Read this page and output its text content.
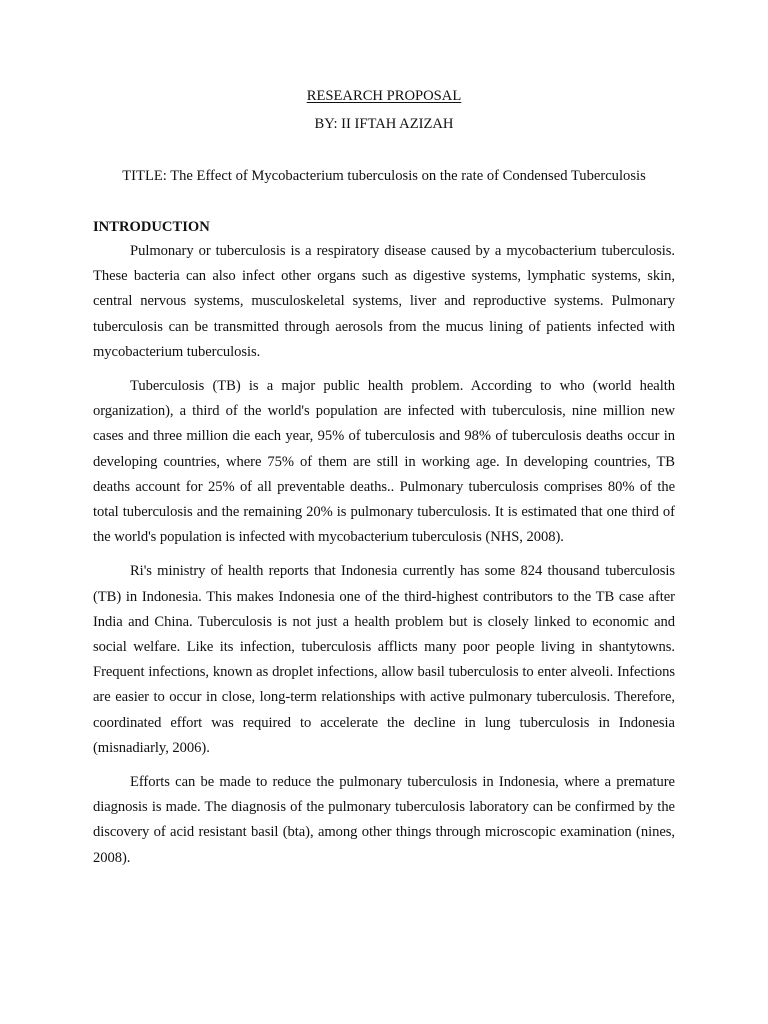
RESEARCH PROPOSAL

BY: II IFTAH AZIZAH

TITLE: The Effect of Mycobacterium tuberculosis on the rate of Condensed Tuberculosis

INTRODUCTION

Pulmonary or tuberculosis is a respiratory disease caused by a mycobacterium tuberculosis. These bacteria can also infect other organs such as digestive systems, lymphatic systems, skin, central nervous systems, musculoskeletal systems, liver and reproductive systems. Pulmonary tuberculosis can be transmitted through aerosols from the mucus lining of patients infected with mycobacterium tuberculosis.

Tuberculosis (TB) is a major public health problem. According to who (world health organization), a third of the world's population are infected with tuberculosis, nine million new cases and three million die each year, 95% of tuberculosis and 98% of tuberculosis deaths occur in developing countries, where 75% of them are still in working age. In developing countries, TB deaths account for 25% of all preventable deaths.. Pulmonary tuberculosis comprises 80% of the total tuberculosis and the remaining 20% is pulmonary tuberculosis. It is estimated that one third of the world's population is infected with mycobacterium tuberculosis (NHS, 2008).

Ri's ministry of health reports that Indonesia currently has some 824 thousand tuberculosis (TB) in Indonesia. This makes Indonesia one of the third-highest contributors to the TB case after India and China. Tuberculosis is not just a health problem but is closely linked to economic and social welfare. Like its infection, tuberculosis afflicts many poor people living in shantytowns. Frequent infections, known as droplet infections, allow basil tuberculosis to enter alveoli. Infections are easier to occur in close, long-term relationships with active pulmonary tuberculosis. Therefore, coordinated effort was required to accelerate the decline in lung tuberculosis in Indonesia (misnadiarly, 2006).

Efforts can be made to reduce the pulmonary tuberculosis in Indonesia, where a premature diagnosis is made. The diagnosis of the pulmonary tuberculosis laboratory can be confirmed by the discovery of acid resistant basil (bta), among other things through microscopic examination (nines, 2008).
